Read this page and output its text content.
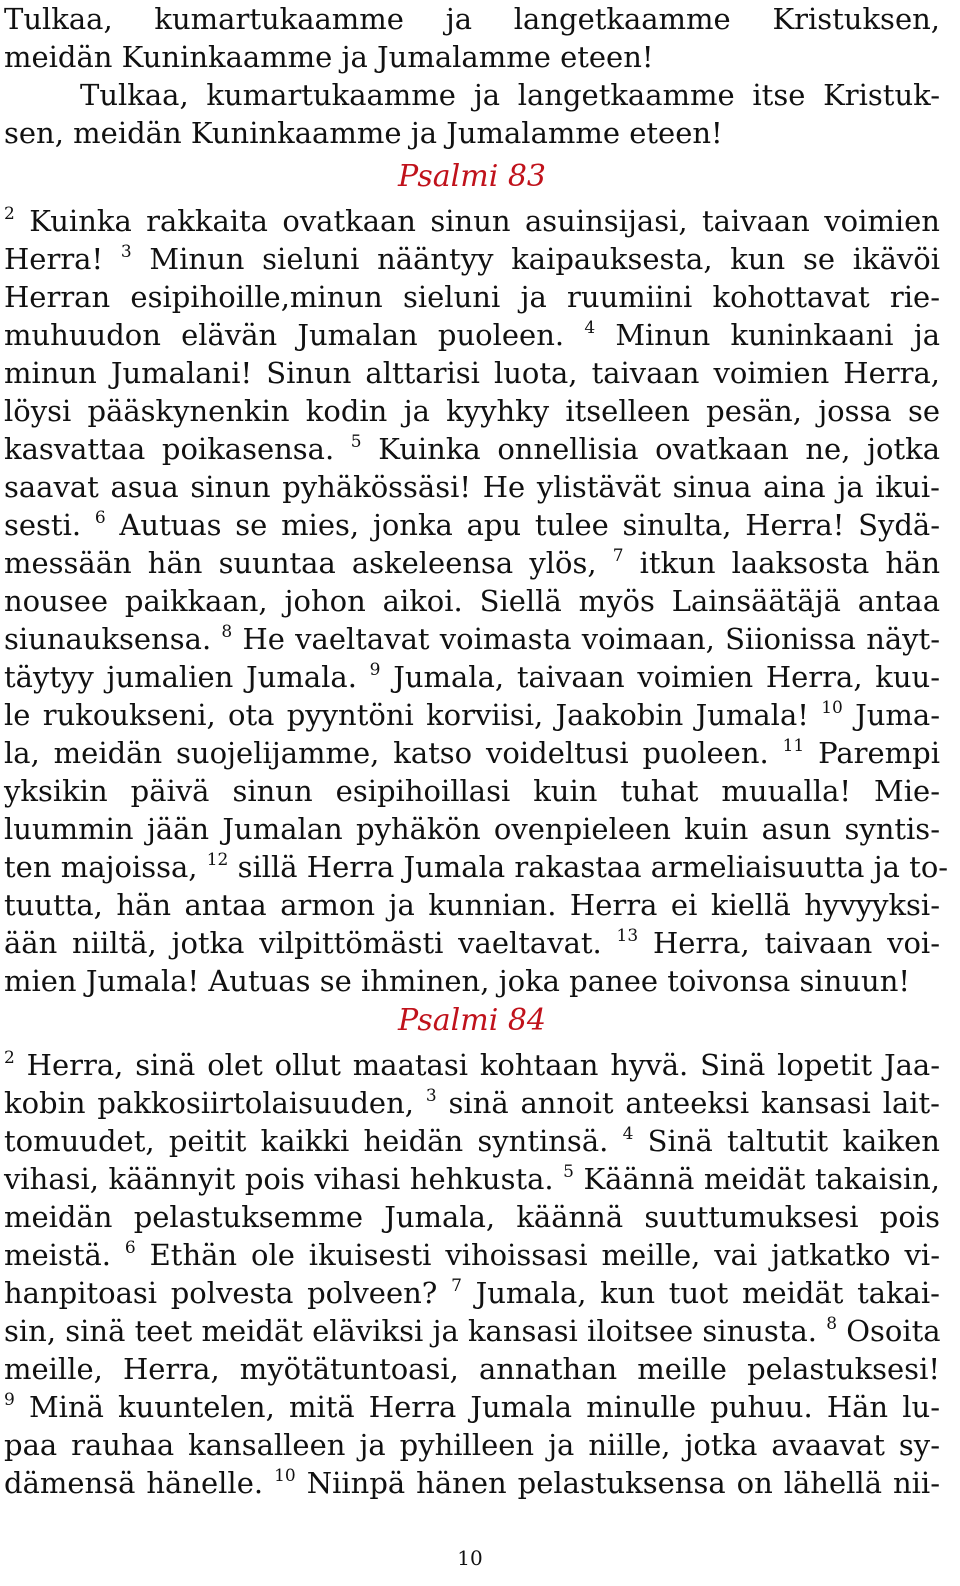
Tulkaa, kumartukaamme ja langetkaamme Kristuksen,
meidän Kuninkaamme ja Jumalamme eteen!
Tulkaa, kumartukaamme ja langetkaamme itse Kristuk-
sen, meidän Kuninkaamme ja Jumalamme eteen!
Psalmi 83
$^2$ Kuinka rakkaita ovatkaan sinun asuinsijasi, taivaan voimien
Herra! $^3$ Minun sieluni nääntyy kaipauksesta, kun se ikävöi
Herran esipihoille,minun sieluni ja ruumiini kohottavat rie-
muhuudon elävän Jumalan puoleen. $^4$ Minun kuninkaani ja
minun Jumalani! Sinun alttarisi luota, taivaan voimien Herra,
löysi pääskynenkin kodin ja kyyhky itselleen pesän, jossa se
kasvattaa poikasensa. $^5$ Kuinka onnellisia ovatkaan ne, jotka
saavat asua sinun pyhäkössäsi! He ylistävät sinua aina ja ikui-
sesti. $^6$ Autuas se mies, jonka apu tulee sinulta, Herra! Sydä-
messään hän suuntaa askeleensa ylös, $^7$ itkun laaksosta hän
nousee paikkaan, johon aikoi. Siellä myös Lainsäätäjä antaa
siunauksensa. $^8$ He vaeltavat voimasta voimaan, Siionissa näyt-
täytyy jumalien Jumala. $^9$ Jumala, taivaan voimien Herra, kuu-
le rukoukseni, ota pyyntöni korviisi, Jaakobin Jumala! $^{10}$ Juma-
la, meidän suojelijamme, katso voideltusi puoleen. $^{11}$ Parempi
yksikin päivä sinun esipihoillasi kuin tuhat muualla! Mie-
luummin jään Jumalan pyhäkön ovenpieleen kuin asun syntis-
ten majoissa, $^{12}$ sillä Herra Jumala rakastaa armeliaisuutta ja to-
tuutta, hän antaa armon ja kunnian. Herra ei kiellä hyvyyksi-
ään niiltä, jotka vilpittömästi vaeltavat. $^{13}$ Herra, taivaan voi-
mien Jumala! Autuas se ihminen, joka panee toivonsa sinuun!
Psalmi 84
$^2$ Herra, sinä olet ollut maatasi kohtaan hyvä. Sinä lopetit Jaa-
kobin pakkosiirtolaisuuden, $^3$ sinä annoit anteeksi kansasi lait-
tomuudet, peitit kaikki heidän syntinsä. $^4$ Sinä taltutit kaiken
vihasi, käännyit pois vihasi hehkusta. $^5$ Käännä meidät takaisin,
meidän pelastuksemme Jumala, käännä suuttumuksesi pois
meistä. $^6$ Ethän ole ikuisesti vihoissasi meille, vai jatkatko vi-
hanpitoasi polvesta polveen? $^7$ Jumala, kun tuot meidät takai-
sin, sinä teet meidät eläviksi ja kansasi iloitsee sinusta. $^8$ Osoita
meille, Herra, myötätuntoasi, annathan meille pelastuksesi!
$^9$ Minä kuuntelen, mitä Herra Jumala minulle puhuu. Hän lu-
paa rauhaa kansalleen ja pyhilleen ja niille, jotka avaavat sy-
dämensä hänelle. $^{10}$ Niinpä hänen pelastuksensa on lähellä nii-
10
